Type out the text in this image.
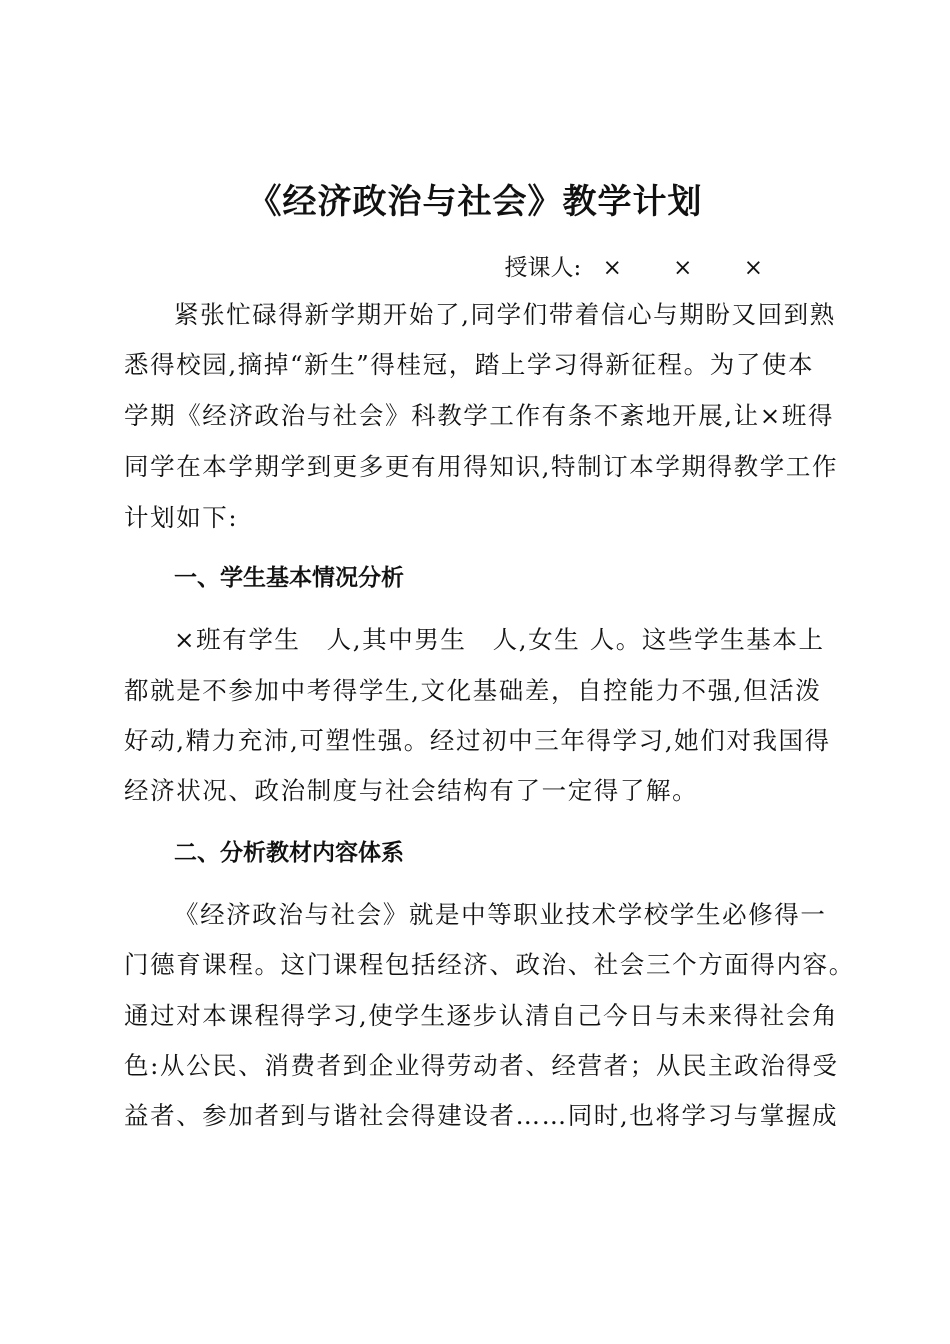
《经济政治与社会》教学计划
授课人: × × ×
紧张忙碌得新学期开始了,同学们带着信心与期盼又回到熟
悉得校园,摘掉“新生”得桂冠，踏上学习得新征程。为了使本
学期《经济政治与社会》科教学工作有条不紊地开展,让×班得
同学在本学期学到更多更有用得知识,特制订本学期得教学工作
计划如下:
一、学生基本情况分析
×班有学生　人,其中男生　人,女生 人。这些学生基本上
都就是不参加中考得学生,文化基础差，自控能力不强,但活泼
好动,精力充沛,可塑性强。经过初中三年得学习,她们对我国得
经济状况、政治制度与社会结构有了一定得了解。
二、分析教材内容体系
《经济政治与社会》就是中等职业技术学校学生必修得一
门德育课程。这门课程包括经济、政治、社会三个方面得内容。
通过对本课程得学习,使学生逐步认清自己今日与未来得社会角
色:从公民、消费者到企业得劳动者、经营者；从民主政治得受
益者、参加者到与谐社会得建设者……同时,也将学习与掌握成
